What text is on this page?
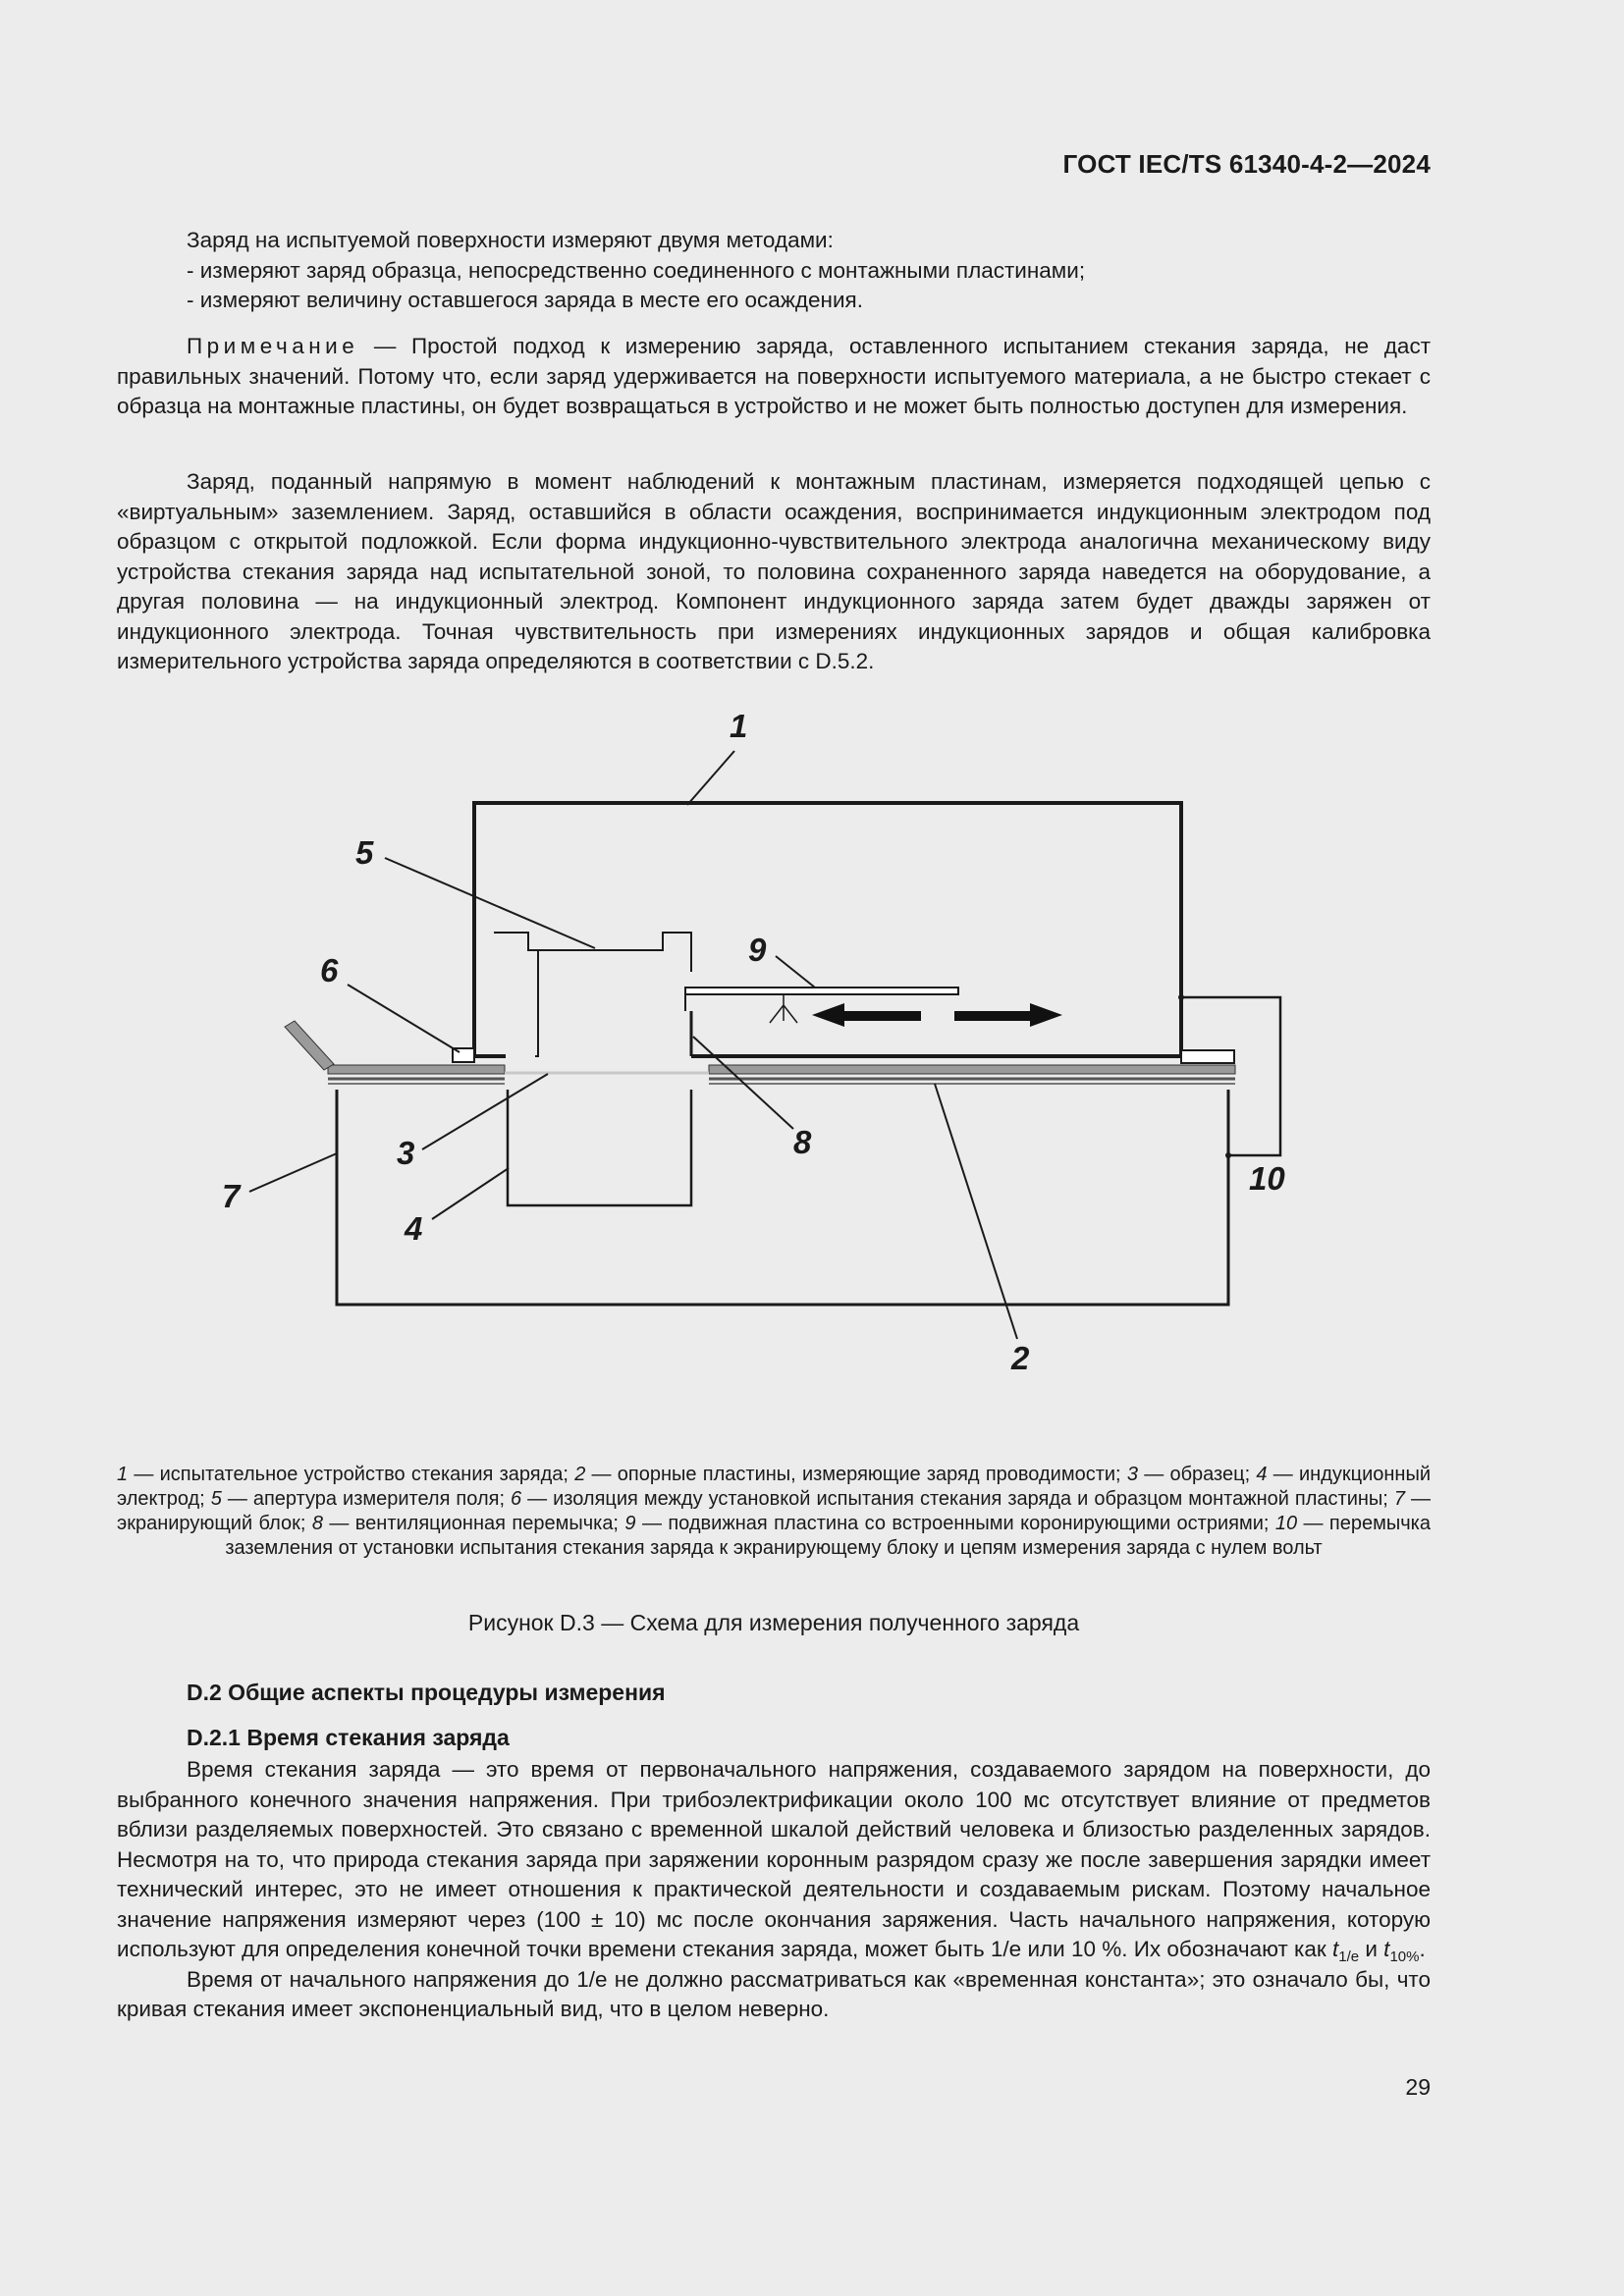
ГОСТ IEC/TS 61340-4-2—2024

Заряд на испытуемой поверхности измеряют двумя методами:

- измеряют заряд образца, непосредственно соединенного с монтажными пластинами;

- измеряют величину оставшегося заряда в месте его осаждения.

Примечание — Простой подход к измерению заряда, оставленного испытанием стекания заряда, не даст правильных значений. Потому что, если заряд удерживается на поверхности испытуемого материала, а не быстро стекает с образца на монтажные пластины, он будет возвращаться в устройство и не может быть полностью доступен для измерения.
Заряд, поданный напрямую в момент наблюдений к монтажным пластинам, измеряется подходящей цепью с «виртуальным» заземлением. Заряд, оставшийся в области осаждения, воспринимается индукционным электродом под образцом с открытой подложкой. Если форма индукционно-чувствительного электрода аналогична механическому виду устройства стекания заряда над испытательной зоной, то половина сохраненного заряда наведется на оборудование, а другая половина — на индукционный электрод. Компонент индукционного заряда затем будет дважды заряжен от индукционного электрода. Точная чувствительность при измерениях индукционных зарядов и общая калибровка измерительного устройства заряда определяются в соответствии с D.5.2.
1
2
3
4
5
6
7
8
9
10
1 — испытательное устройство стекания заряда; 2 — опорные пластины, измеряющие заряд проводимости; 3 — образец; 4 — индукционный электрод; 5 — апертура измерителя поля; 6 — изоляция между установкой испытания стекания заряда и образцом монтажной пластины; 7 — экранирующий блок; 8 — вентиляционная перемычка; 9 — подвижная пластина со встроенными коронирующими остриями; 10 — перемычка заземления от установки испытания стекания заряда к экранирующему блоку и цепям измерения заряда с нулем вольт
Рисунок D.3 — Схема для измерения полученного заряда
D.2 Общие аспекты процедуры измерения
D.2.1 Время стекания заряда

Время стекания заряда — это время от первоначального напряжения, создаваемого зарядом на поверхности, до выбранного конечного значения напряжения. При трибоэлектрификации около 100 мс отсутствует влияние от предметов вблизи разделяемых поверхностей. Это связано с временной шкалой действий человека и близостью разделенных зарядов. Несмотря на то, что природа стекания заряда при заряжении коронным разрядом сразу же после завершения зарядки имеет технический интерес, это не имеет отношения к практической деятельности и создаваемым рискам. Поэтому начальное значение напряжения измеряют через (100 ± 10) мс после окончания заряжения. Часть начального напряжения, которую используют для определения конечной точки времени стекания заряда, может быть 1/е или 10 %. Их обозначают как $t_{1/е}$ и $t_{10\%}$.

Время от начального напряжения до 1/е не должно рассматриваться как «временная константа»; это означало бы, что кривая стекания имеет экспоненциальный вид, что в целом неверно.

29
